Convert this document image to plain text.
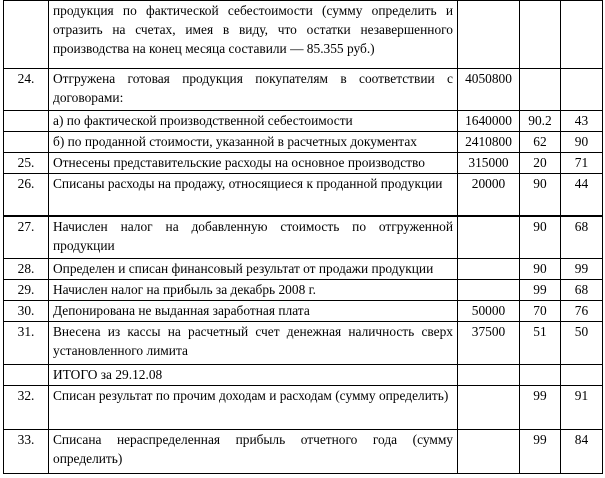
	продукция по фактической себестоимости (сумму определить и отразить на счетах, имея в виду, что остатки незавершенного производства на конец месяца составили — 85.355 руб.)			

24.	Отгружена готовая продукция покупателям в соответствии с договорами:	4050800		

	а) по фактической производственной себестоимости	1640000	90.2	43

	б) по проданной стоимости, указанной в расчетных документах	2410800	62	90
25.	Отнесены представительские расходы на основное производство	315000	20	71
26.	Списаны расходы на продажу, относящиеся к проданной продукции	20000	90	44
27.	Начислен налог на добавленную стоимость по отгруженной продукции		90	68
28.	Определен и списан финансовый результат от продажи продукции		90	99
29.	Начислен налог на прибыль за декабрь 2008 г.		99	68
30.	Депонирована не выданная заработная плата	50000	70	76
31.	Внесена из кассы на расчетный счет денежная наличность сверх установленного лимита	37500	51	50

	ИТОГО за 29.12.08			

32.	Списан результат по прочим доходам и расходам (сумму определить)		99	91
33.	Списана нераспределенная прибыль отчетного года (сумму определить)		99	84
